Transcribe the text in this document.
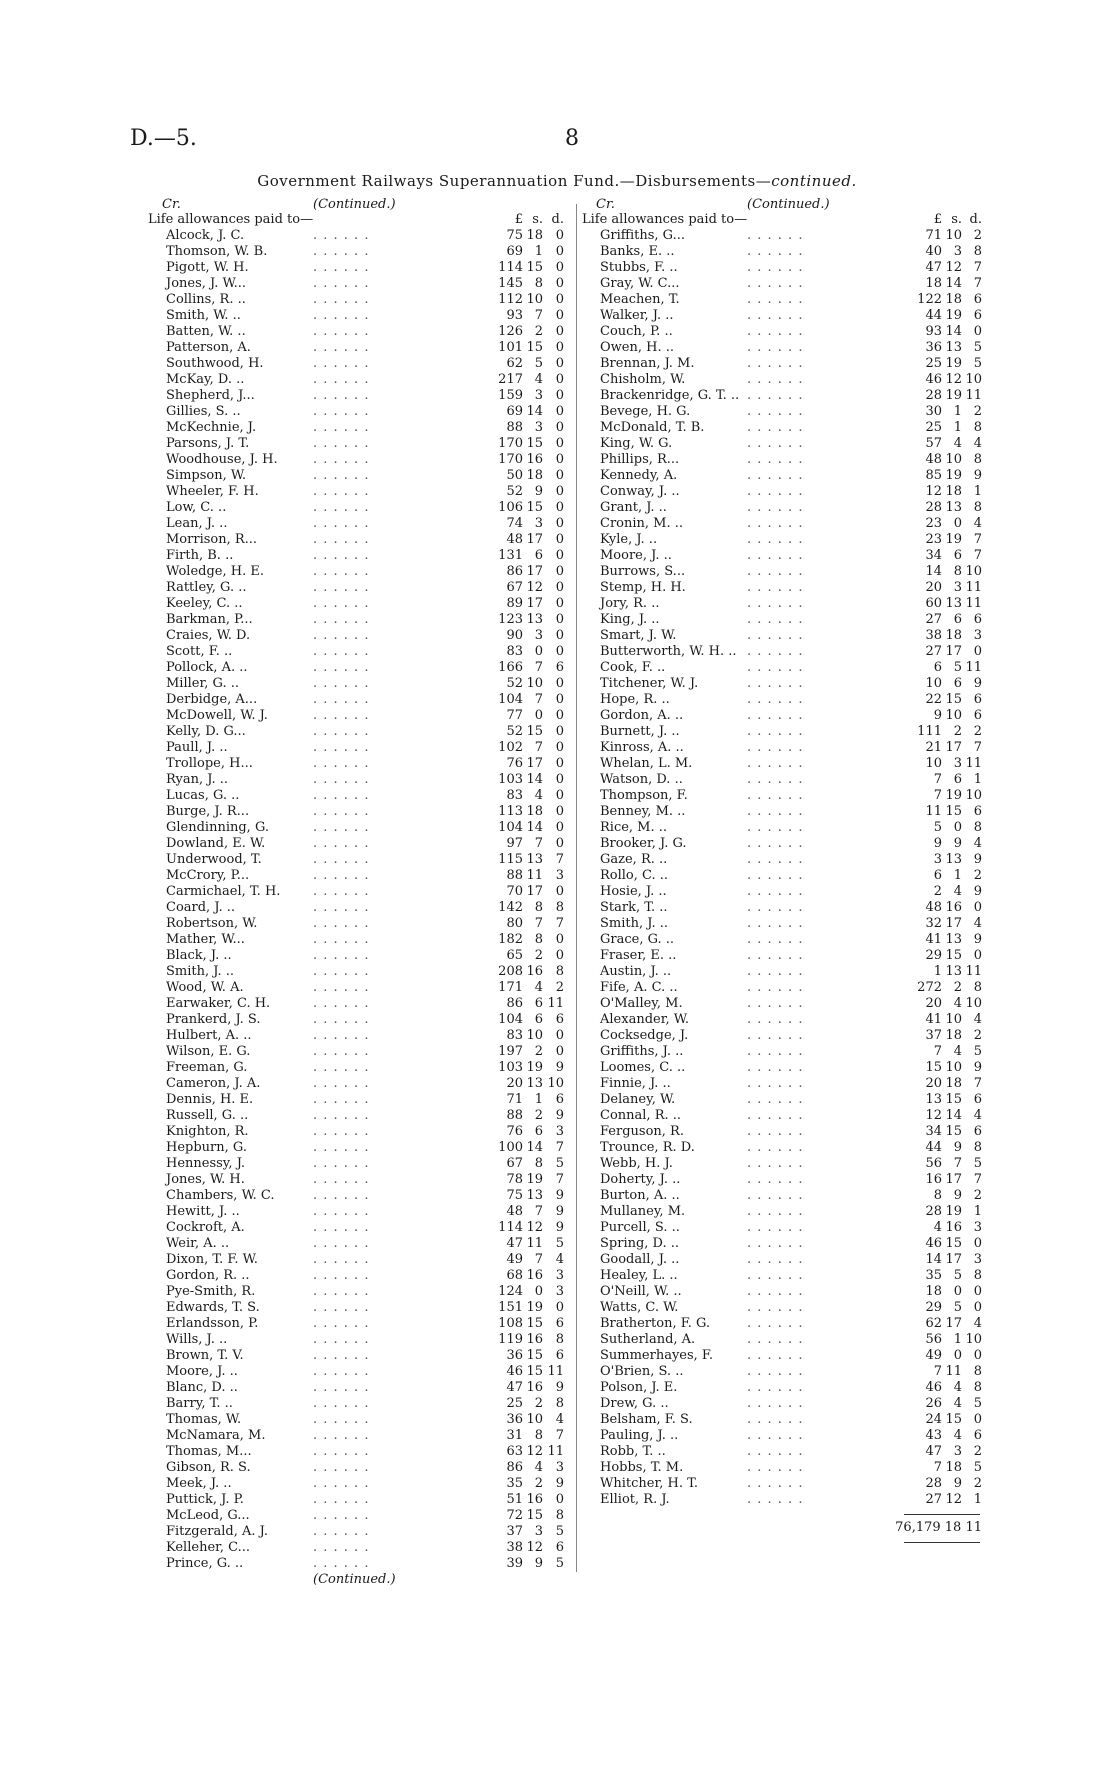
D.—5.	8
Government Railways Superannuation Fund.—Disbursements—continued.
Cr.	(Continued.)
Life allowances paid to—	£ s. d.
Alcock, J. C.	. . . . . .	75 18 0
Thomson, W. B.	. . . . . .	69 1 0
Pigott, W. H.	. . . . . .	114 15 0
Jones, J. W...	. . . . . .	145 8 0
Collins, R. ..	. . . . . .	112 10 0
Smith, W. ..	. . . . . .	93 7 0
Batten, W. ..	. . . . . .	126 2 0
Patterson, A.	. . . . . .	101 15 0
Southwood, H.	. . . . . .	62 5 0
McKay, D. ..	. . . . . .	217 4 0
Shepherd, J...	. . . . . .	159 3 0
Gillies, S. ..	. . . . . .	69 14 0
McKechnie, J.	. . . . . .	88 3 0
Parsons, J. T.	. . . . . .	170 15 0
Woodhouse, J. H.	. . . . . .	170 16 0
Simpson, W.	. . . . . .	50 18 0
Wheeler, F. H.	. . . . . .	52 9 0
Low, C. ..	. . . . . .	106 15 0
Lean, J. ..	. . . . . .	74 3 0
Morrison, R...	. . . . . .	48 17 0
Firth, B. ..	. . . . . .	131 6 0
Woledge, H. E.	. . . . . .	86 17 0
Rattley, G. ..	. . . . . .	67 12 0
Keeley, C. ..	. . . . . .	89 17 0
Barkman, P...	. . . . . .	123 13 0
Craies, W. D.	. . . . . .	90 3 0
Scott, F. ..	. . . . . .	83 0 0
Pollock, A. ..	. . . . . .	166 7 6
Miller, G. ..	. . . . . .	52 10 0
Derbidge, A...	. . . . . .	104 7 0
McDowell, W. J.	. . . . . .	77 0 0
Kelly, D. G...	. . . . . .	52 15 0
Paull, J. ..	. . . . . .	102 7 0
Trollope, H...	. . . . . .	76 17 0
Ryan, J. ..	. . . . . .	103 14 0
Lucas, G. ..	. . . . . .	83 4 0
Burge, J. R...	. . . . . .	113 18 0
Glendinning, G.	. . . . . .	104 14 0
Dowland, E. W.	. . . . . .	97 7 0
Underwood, T.	. . . . . .	115 13 7
McCrory, P...	. . . . . .	88 11 3
Carmichael, T. H.	. . . . . .	70 17 0
Coard, J. ..	. . . . . .	142 8 8
Robertson, W.	. . . . . .	80 7 7
Mather, W...	. . . . . .	182 8 0
Black, J. ..	. . . . . .	65 2 0
Smith, J. ..	. . . . . .	208 16 8
Wood, W. A.	. . . . . .	171 4 2
Earwaker, C. H.	. . . . . .	86 6 11
Prankerd, J. S.	. . . . . .	104 6 6
Hulbert, A. ..	. . . . . .	83 10 0
Wilson, E. G.	. . . . . .	197 2 0
Freeman, G.	. . . . . .	103 19 9
Cameron, J. A.	. . . . . .	20 13 10
Dennis, H. E.	. . . . . .	71 1 6
Russell, G. ..	. . . . . .	88 2 9
Knighton, R.	. . . . . .	76 6 3
Hepburn, G.	. . . . . .	100 14 7
Hennessy, J.	. . . . . .	67 8 5
Jones, W. H.	. . . . . .	78 19 7
Chambers, W. C.	. . . . . .	75 13 9
Hewitt, J. ..	. . . . . .	48 7 9
Cockroft, A.	. . . . . .	114 12 9
Weir, A. ..	. . . . . .	47 11 5
Dixon, T. F. W.	. . . . . .	49 7 4
Gordon, R. ..	. . . . . .	68 16 3
Pye-Smith, R.	. . . . . .	124 0 3
Edwards, T. S.	. . . . . .	151 19 0
Erlandsson, P.	. . . . . .	108 15 6
Wills, J. ..	. . . . . .	119 16 8
Brown, T. V.	. . . . . .	36 15 6
Moore, J. ..	. . . . . .	46 15 11
Blanc, D. ..	. . . . . .	47 16 9
Barry, T. ..	. . . . . .	25 2 8
Thomas, W.	. . . . . .	36 10 4
McNamara, M.	. . . . . .	31 8 7
Thomas, M...	. . . . . .	63 12 11
Gibson, R. S.	. . . . . .	86 4 3
Meek, J. ..	. . . . . .	35 2 9
Puttick, J. P.	. . . . . .	51 16 0
McLeod, G...	. . . . . .	72 15 8
Fitzgerald, A. J.	. . . . . .	37 3 5
Kelleher, C...	. . . . . .	38 12 6
Prince, G. ..	. . . . . .	39 9 5
(Continued.)
Cr.	(Continued.)
Life allowances paid to—	£ s. d.
Griffiths, G...	. . . . . .	71 10 2
Banks, E. ..	. . . . . .	40 3 8
Stubbs, F. ..	. . . . . .	47 12 7
Gray, W. C...	. . . . . .	18 14 7
Meachen, T.	. . . . . .	122 18 6
Walker, J. ..	. . . . . .	44 19 6
Couch, P. ..	. . . . . .	93 14 0
Owen, H. ..	. . . . . .	36 13 5
Brennan, J. M.	. . . . . .	25 19 5
Chisholm, W.	. . . . . .	46 12 10
Brackenridge, G. T. .. . . . . . .	28 19 11
Bevege, H. G.	. . . . . .	30 1 2
McDonald, T. B.	. . . . . .	25 1 8
King, W. G.	. . . . . .	57 4 4
Phillips, R...	. . . . . .	48 10 8
Kennedy, A.	. . . . . .	85 19 9
Conway, J. ..	. . . . . .	12 18 1
Grant, J. ..	. . . . . .	28 13 8
Cronin, M. ..	. . . . . .	23 0 4
Kyle, J. ..	. . . . . .	23 19 7
Moore, J. ..	. . . . . .	34 6 7
Burrows, S...	. . . . . .	14 8 10
Stemp, H. H.	. . . . . .	20 3 11
Jory, R. ..	. . . . . .	60 13 11
King, J. ..	. . . . . .	27 6 6
Smart, J. W.	. . . . . .	38 18 3
Butterworth, W. H. .. . . . . . .	27 17 0
Cook, F. ..	. . . . . .	6 5 11
Titchener, W. J.	. . . . . .	10 6 9
Hope, R. ..	. . . . . .	22 15 6
Gordon, A. ..	. . . . . .	9 10 6
Burnett, J. ..	. . . . . .	111 2 2
Kinross, A. ..	. . . . . .	21 17 7
Whelan, L. M.	. . . . . .	10 3 11
Watson, D. ..	. . . . . .	7 6 1
Thompson, F.	. . . . . .	7 19 10
Benney, M. ..	. . . . . .	11 15 6
Rice, M. ..	. . . . . .	5 0 8
Brooker, J. G.	. . . . . .	9 9 4
Gaze, R. ..	. . . . . .	3 13 9
Rollo, C. ..	. . . . . .	6 1 2
Hosie, J. ..	. . . . . .	2 4 9
Stark, T. ..	. . . . . .	48 16 0
Smith, J. ..	. . . . . .	32 17 4
Grace, G. ..	. . . . . .	41 13 9
Fraser, E. ..	. . . . . .	29 15 0
Austin, J. ..	. . . . . .	1 13 11
Fife, A. C. ..	. . . . . .	272 2 8
O'Malley, M.	. . . . . .	20 4 10
Alexander, W.	. . . . . .	41 10 4
Cocksedge, J.	. . . . . .	37 18 2
Griffiths, J. ..	. . . . . .	7 4 5
Loomes, C. ..	. . . . . .	15 10 9
Finnie, J. ..	. . . . . .	20 18 7
Delaney, W.	. . . . . .	13 15 6
Connal, R. ..	. . . . . .	12 14 4
Ferguson, R.	. . . . . .	34 15 6
Trounce, R. D.	. . . . . .	44 9 8
Webb, H. J.	. . . . . .	56 7 5
Doherty, J. ..	. . . . . .	16 17 7
Burton, A. ..	. . . . . .	8 9 2
Mullaney, M.	. . . . . .	28 19 1
Purcell, S. ..	. . . . . .	4 16 3
Spring, D. ..	. . . . . .	46 15 0
Goodall, J. ..	. . . . . .	14 17 3
Healey, L. ..	. . . . . .	35 5 8
O'Neill, W. ..	. . . . . .	18 0 0
Watts, C. W.	. . . . . .	29 5 0
Bratherton, F. G.	. . . . . .	62 17 4
Sutherland, A.	. . . . . .	56 1 10
Summerhayes, F.	. . . . . .	49 0 0
O'Brien, S. ..	. . . . . .	7 11 8
Polson, J. E.	. . . . . .	46 4 8
Drew, G. ..	. . . . . .	26 4 5
Belsham, F. S.	. . . . . .	24 15 0
Pauling, J. ..	. . . . . .	43 4 6
Robb, T. ..	. . . . . .	47 3 2
Hobbs, T. M.	. . . . . .	7 18 5
Whitcher, H. T.	. . . . . .	28 9 2
Elliot, R. J.	. . . . . .	27 12 1
76,179 18 11
